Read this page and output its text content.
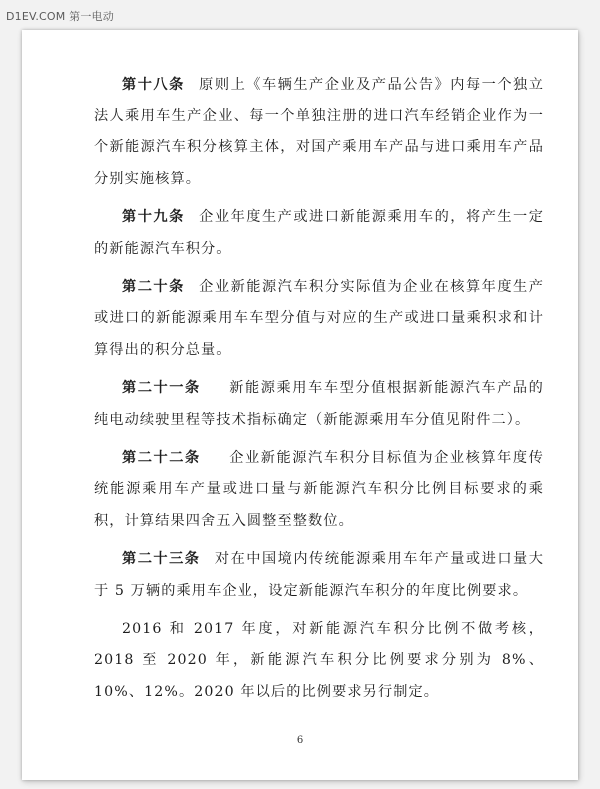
D1EV.COM 第一电动

第十八条 原则上《车辆生产企业及产品公告》内每一个独立法人乘用车生产企业、每一个单独注册的进口汽车经销企业作为一个新能源汽车积分核算主体，对国产乘用车产品与进口乘用车产品分别实施核算。

第十九条 企业年度生产或进口新能源乘用车的，将产生一定的新能源汽车积分。

第二十条 企业新能源汽车积分实际值为企业在核算年度生产或进口的新能源乘用车车型分值与对应的生产或进口量乘积求和计算得出的积分总量。

第二十一条 新能源乘用车车型分值根据新能源汽车产品的纯电动续驶里程等技术指标确定（新能源乘用车分值见附件二）。

第二十二条 企业新能源汽车积分目标值为企业核算年度传统能源乘用车产量或进口量与新能源汽车积分比例目标要求的乘积，计算结果四舍五入圆整至整数位。

第二十三条 对在中国境内传统能源乘用车年产量或进口量大于 5 万辆的乘用车企业，设定新能源汽车积分的年度比例要求。

2016 和 2017 年度，对新能源汽车积分比例不做考核，2018 至 2020 年，新能源汽车积分比例要求分别为 8%、10%、12%。2020 年以后的比例要求另行制定。

6
